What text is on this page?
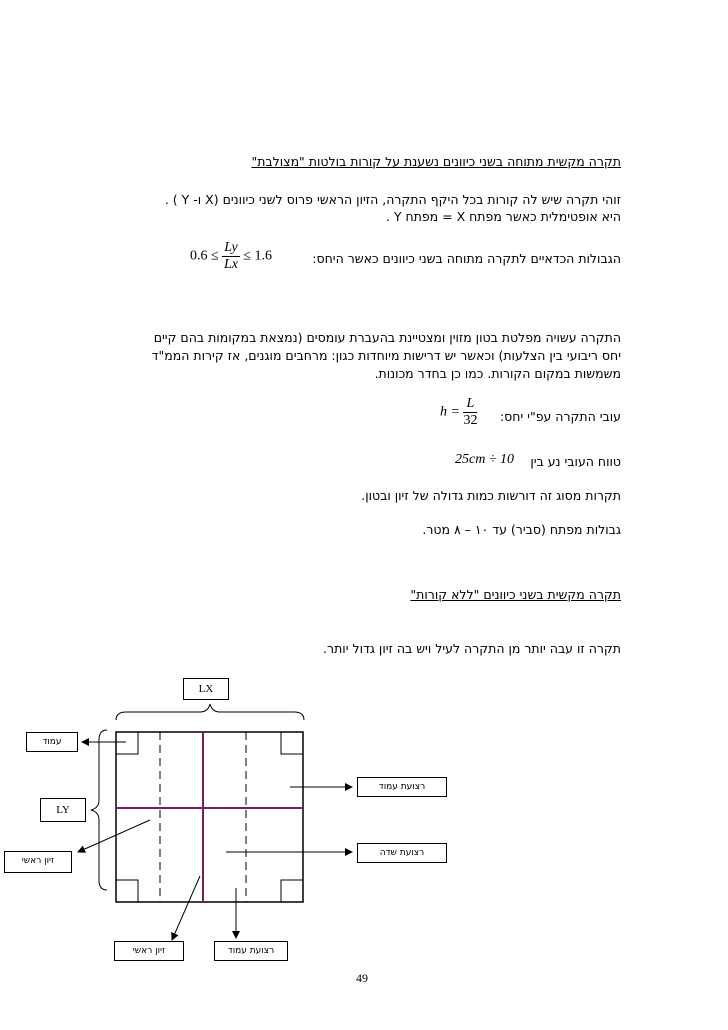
תקרה מקשית מתוחה בשני כיוונים נשענת על קורות בולטות "מצולבת"
זוהי תקרה שיש לה קורות בכל היקף התקרה, הזיון הראשי פרוס לשני כיוונים (X ו- Y ) .
היא אופטימלית כאשר מפתח X = מפתח Y .
הגבולות הכדאיים לתקרה מתוחה בשני כיוונים כאשר היחס:
$0.6 \le \frac{Ly}{Lx} \le 1.6$
התקרה עשויה מפלטת בטון מזוין ומצטיינת בהעברת עומסים (נמצאת במקומות בהם קיים
יחס ריבועי בין הצלעות) וכאשר יש דרישות מיוחדות כגון: מרחבים מוגנים, אז קירות הממ"ד
משמשות במקום הקורות. כמו כן בחדר מכונות.
עובי התקרה עפ"י יחס:
$h = \frac{L}{32}$
טווח העובי נע בין
25cm ÷ 10
תקרות מסוג זה דורשות כמות גדולה של זיון ובטון.
גבולות מפתח (סביר) עד ١٠ – ٨ מטר.
תקרה מקשית בשני כיוונים "ללא קורות"
תקרה זו עבה יותר מן התקרה לעיל ויש בה זיון גדול יותר.
LX
LY
עמוד
רצועת עמוד
זיון ראשי
רצועת שדה
זיון ראשי	רצועת עמוד
49
